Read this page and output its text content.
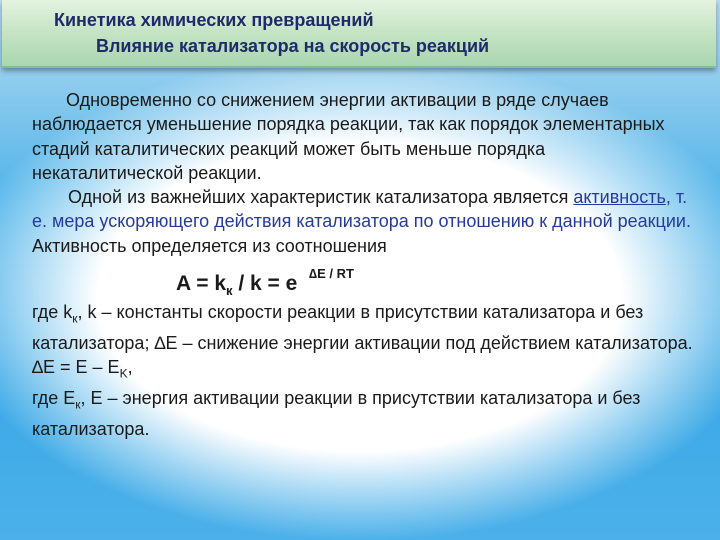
Кинетика химических превращений
Влияние катализатора на скорость реакций

Одновременно со снижением энергии активации в ряде случаев наблюдается уменьшение порядка реакции, так как порядок элементарных стадий каталитических реакций может быть меньше порядка некаталитической реакции.

Одной из важнейших характеристик катализатора является активность, т. е. мера ускоряющего действия катализатора по отношению к данной реакции. Активность определяется из соотношения

$A = k_к / k = e$ $^{\Delta E / RT}$

где $k_к$, k – константы скорости реакции в присутствии катализатора и без катализатора; ∆E – снижение энергии активации под действием катализатора.

$\Delta E = E - E_K$,

где $E_к$, E – энергия активации реакции в присутствии катализатора и без катализатора.
